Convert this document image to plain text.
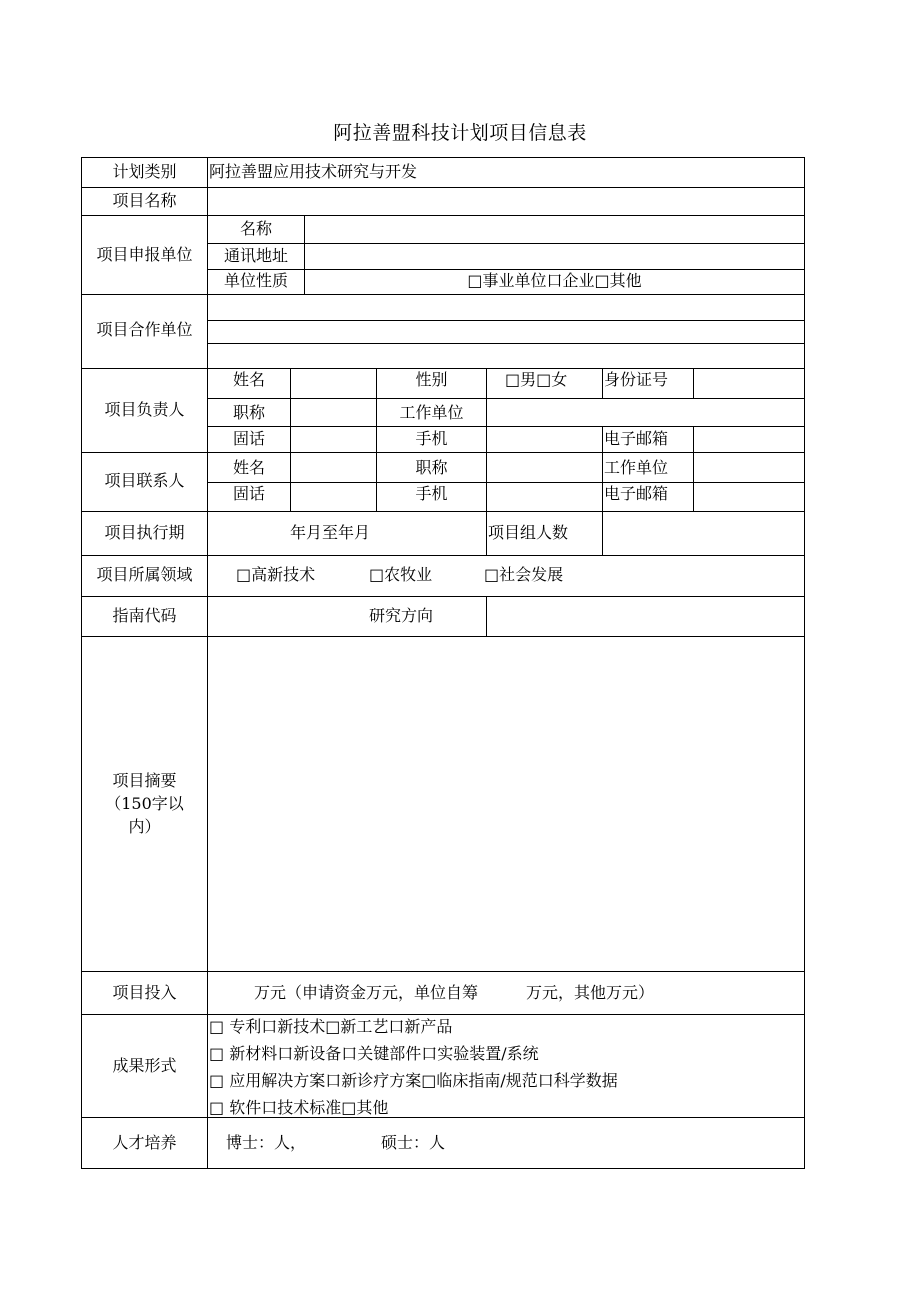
阿拉善盟科技计划项目信息表
计划类别	阿拉善盟应用技术研究与开发
项目名称
项目申报单位
名称
通讯地址
单位性质	□事业单位口企业□其他
项目合作单位
项目负责人
姓名	性别	□男□女 身份证号
职称	工作单位
固话	手机	电子邮箱
项目联系人
姓名	职称	工作单位
固话	手机	电子邮箱
项目执行期	年月至年月	项目组人数
项目所属领域	□高新技术	□农牧业	□社会发展
指南代码	研究方向
项目摘要（150字以内）
项目投入	万元（申请资金万元，单位自筹　　　万元，其他万元）
成果形式
□ 专利口新技术□新工艺口新产品
□ 新材料口新设备口关键部件口实验装置/系统
□ 应用解决方案口新诊疗方案□临床指南/规范口科学数据
□ 软件口技术标准□其他
人才培养	博士：人，	硕士：人
